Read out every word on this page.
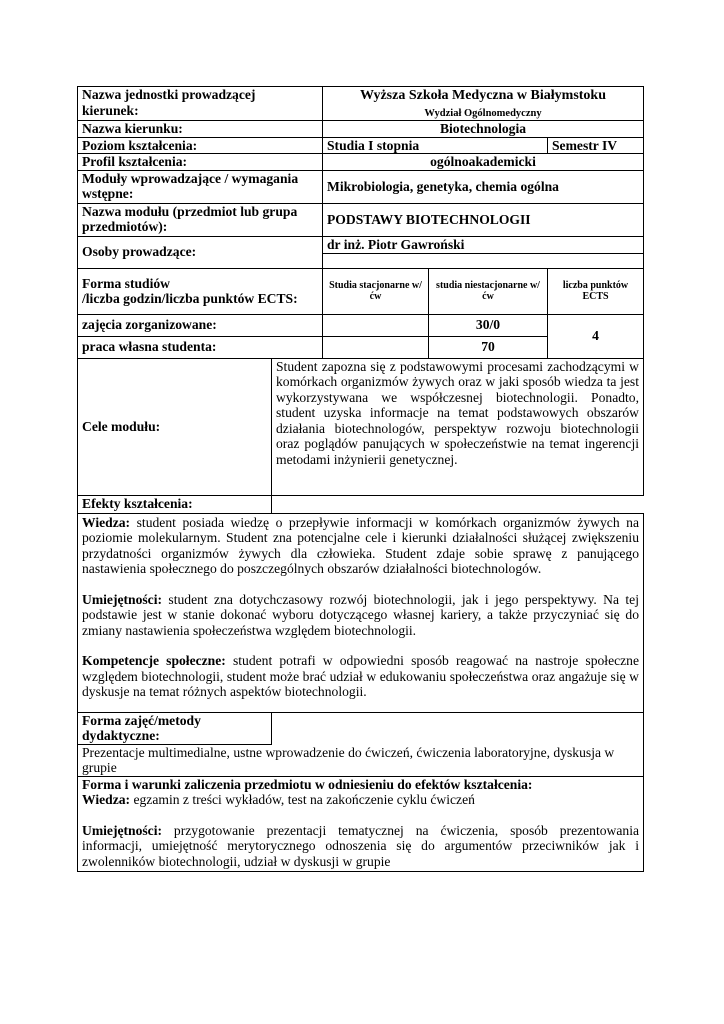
Nazwa jednostki prowadzącej
kierunek:		Wyższa Szkoła Medyczna w Białymstoku
Wydział Ogólnomedyczny		
Nazwa kierunku:		Biotechnologia		
Poziom kształcenia:		Studia I stopnia		Semestr IV
Profil kształcenia:		ogólnoakademicki		
Moduły wprowadzające / wymagania wstępne:		Mikrobiologia, genetyka, chemia ogólna		
Nazwa modułu (przedmiot lub grupa przedmiotów):		PODSTAWY BIOTECHNOLOGII		
Osoby prowadzące:		dr inż. Piotr Gawroński		

Forma studiów
/liczba godzin/liczba punktów ECTS:		Studia stacjonarne w/ćw	studia niestacjonarne w/ćw	liczba punktów ECTS

zajęcia zorganizowane:			30/0	4
praca własna studenta:			70	
Cele modułu:	Student zapozna się z podstawowymi procesami zachodzącymi w komórkach organizmów żywych oraz w jaki sposób wiedza ta jest wykorzystywana we współczesnej biotechnologii. Ponadto, student uzyska informacje na temat podstawowych obszarów działania biotechnologów, perspektyw rozwoju biotechnologii oraz poglądów panujących w społeczeństwie na temat ingerencji metodami inżynierii genetycznej.			
Efekty kształcenia:				

Wiedza: student posiada wiedzę o przepływie informacji w komórkach organizmów żywych na poziomie molekularnym. Student zna potencjalne cele i kierunki działalności służącej zwiększeniu przydatności organizmów żywych dla człowieka. Student zdaje sobie sprawę z panującego nastawienia społecznego do poszczególnych obszarów działalności biotechnologów.

Umiejętności: student zna dotychczasowy rozwój biotechnologii, jak i jego perspektywy. Na tej podstawie jest w stanie dokonać wyboru dotyczącego własnej kariery, a także przyczyniać się do zmiany nastawienia społeczeństwa względem biotechnologii.

Kompetencje społeczne: student potrafi w odpowiedni sposób reagować na nastroje społeczne względem biotechnologii, student może brać udział w edukowaniu społeczeństwa oraz angażuje się w dyskusje na temat różnych aspektów biotechnologii.				

Forma zajęć/metody
dydaktyczne:				
Prezentacje multimedialne, ustne wprowadzenie do ćwiczeń, ćwiczenia laboratoryjne, dyskusja w grupie				

Forma i warunki zaliczenia przedmiotu w odniesieniu do efektów kształcenia:

Wiedza: egzamin z treści wykładów, test na zakończenie cyklu ćwiczeń

Umiejętności: przygotowanie prezentacji tematycznej na ćwiczenia, sposób prezentowania informacji, umiejętność merytorycznego odnoszenia się do argumentów przeciwników jak i zwolenników biotechnologii, udział w dyskusji w grupie				
